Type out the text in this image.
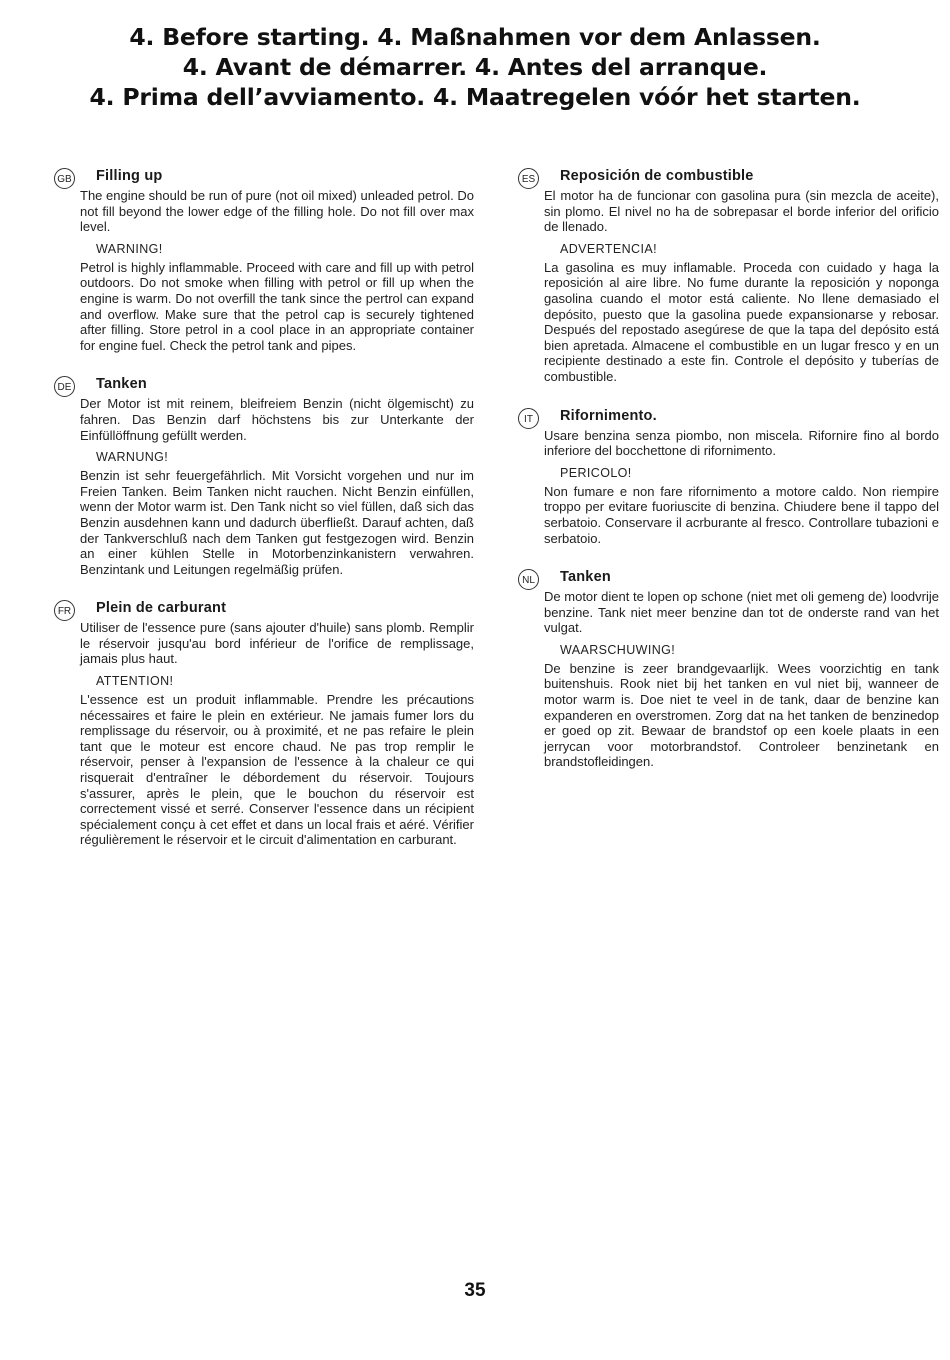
4. Before starting. 4. Maßnahmen vor dem Anlassen.
4. Avant de démarrer. 4. Antes del arranque.
4. Prima dell’avviamento. 4. Maatregelen vóór het starten.
GB Filling up

The engine should be run of pure (not oil mixed) unleaded petrol. Do not fill beyond the lower edge of the filling hole. Do not fill over max level.

WARNING!

Petrol is highly inflammable. Proceed with care and fill up with petrol outdoors. Do not smoke when filling with petrol or fill up when the engine is warm. Do not overfill the tank since the pertrol can expand and overflow. Make sure that the petrol cap is securely tightened after filling. Store petrol in a cool place in an appropriate container for engine fuel. Check the petrol tank and pipes.

DE Tanken

Der Motor ist mit reinem, bleifreiem Benzin (nicht ölgemischt) zu fahren. Das Benzin darf höchstens bis zur Unterkante der Einfüllöffnung gefüllt werden.

WARNUNG!

Benzin ist sehr feuergefährlich. Mit Vorsicht vorgehen und nur im Freien Tanken. Beim Tanken nicht rauchen. Nicht Benzin einfüllen, wenn der Motor warm ist. Den Tank nicht so viel füllen, daß sich das Benzin ausdehnen kann und dadurch überfließt. Darauf achten, daß der Tankverschluß nach dem Tanken gut festgezogen wird. Benzin an einer kühlen Stelle in Motorbenzinkanistern verwahren. Benzintank und Leitungen regelmäßig prüfen.

FR Plein de carburant

Utiliser de l'essence pure (sans ajouter d'huile) sans plomb. Remplir le réservoir jusqu'au bord inférieur de l'orifice de remplissage, jamais plus haut.

ATTENTION!

L'essence est un produit inflammable. Prendre les précautions nécessaires et faire le plein en extérieur. Ne jamais fumer lors du remplissage du réservoir, ou à proximité, et ne pas refaire le plein tant que le moteur est encore chaud. Ne pas trop remplir le réservoir, penser à l'expansion de l'essence à la chaleur ce qui risquerait d'entraîner le débordement du réservoir. Toujours s'assurer, après le plein, que le bouchon du réservoir est correctement vissé et serré. Conserver l'essence dans un récipient spécialement conçu à cet effet et dans un local frais et aéré. Vérifier régulièrement le réservoir et le circuit d'alimentation en carburant.

ES Reposición de combustible

El motor ha de funcionar con gasolina pura (sin mezcla de aceite), sin plomo. El nivel no ha de sobrepasar el borde inferior del orificio de llenado.

ADVERTENCIA!

La gasolina es muy inflamable. Proceda con cuidado y haga la reposición al aire libre. No fume durante la reposición y noponga gasolina cuando el motor está caliente. No llene demasiado el depósito, puesto que la gasolina puede expansionarse y rebosar. Después del repostado asegúrese de que la tapa del depósito está bien apretada. Almacene el combustible en un lugar fresco y en un recipiente destinado a este fin. Controle el depósito y tuberías de combustible.

IT	Rifornimento.

Usare benzina senza piombo, non miscela. Rifornire fino al bordo inferiore del bocchettone di rifornimento.

PERICOLO!

Non fumare e non fare rifornimento a motore caldo. Non riempire troppo per evitare fuoriuscite di benzina. Chiudere bene il tappo del serbatoio. Conservare il acrburante al fresco. Controllare tubazioni e serbatoio.

NL Tanken

De motor dient te lopen op schone (niet met oli gemeng de) loodvrije benzine. Tank niet meer benzine dan tot de onderste rand van het vulgat.

WAARSCHUWING!

De benzine is zeer brandgevaarlijk. Wees voorzichtig en tank buitenshuis. Rook niet bij het tanken en vul niet bij, wanneer de motor warm is. Doe niet te veel in de tank, daar de benzine kan expanderen en overstromen. Zorg dat na het tanken de benzinedop er goed op zit. Bewaar de brandstof op een koele plaats in een jerrycan voor motorbrandstof. Controleer benzinetank en brandstofleidingen.

35
